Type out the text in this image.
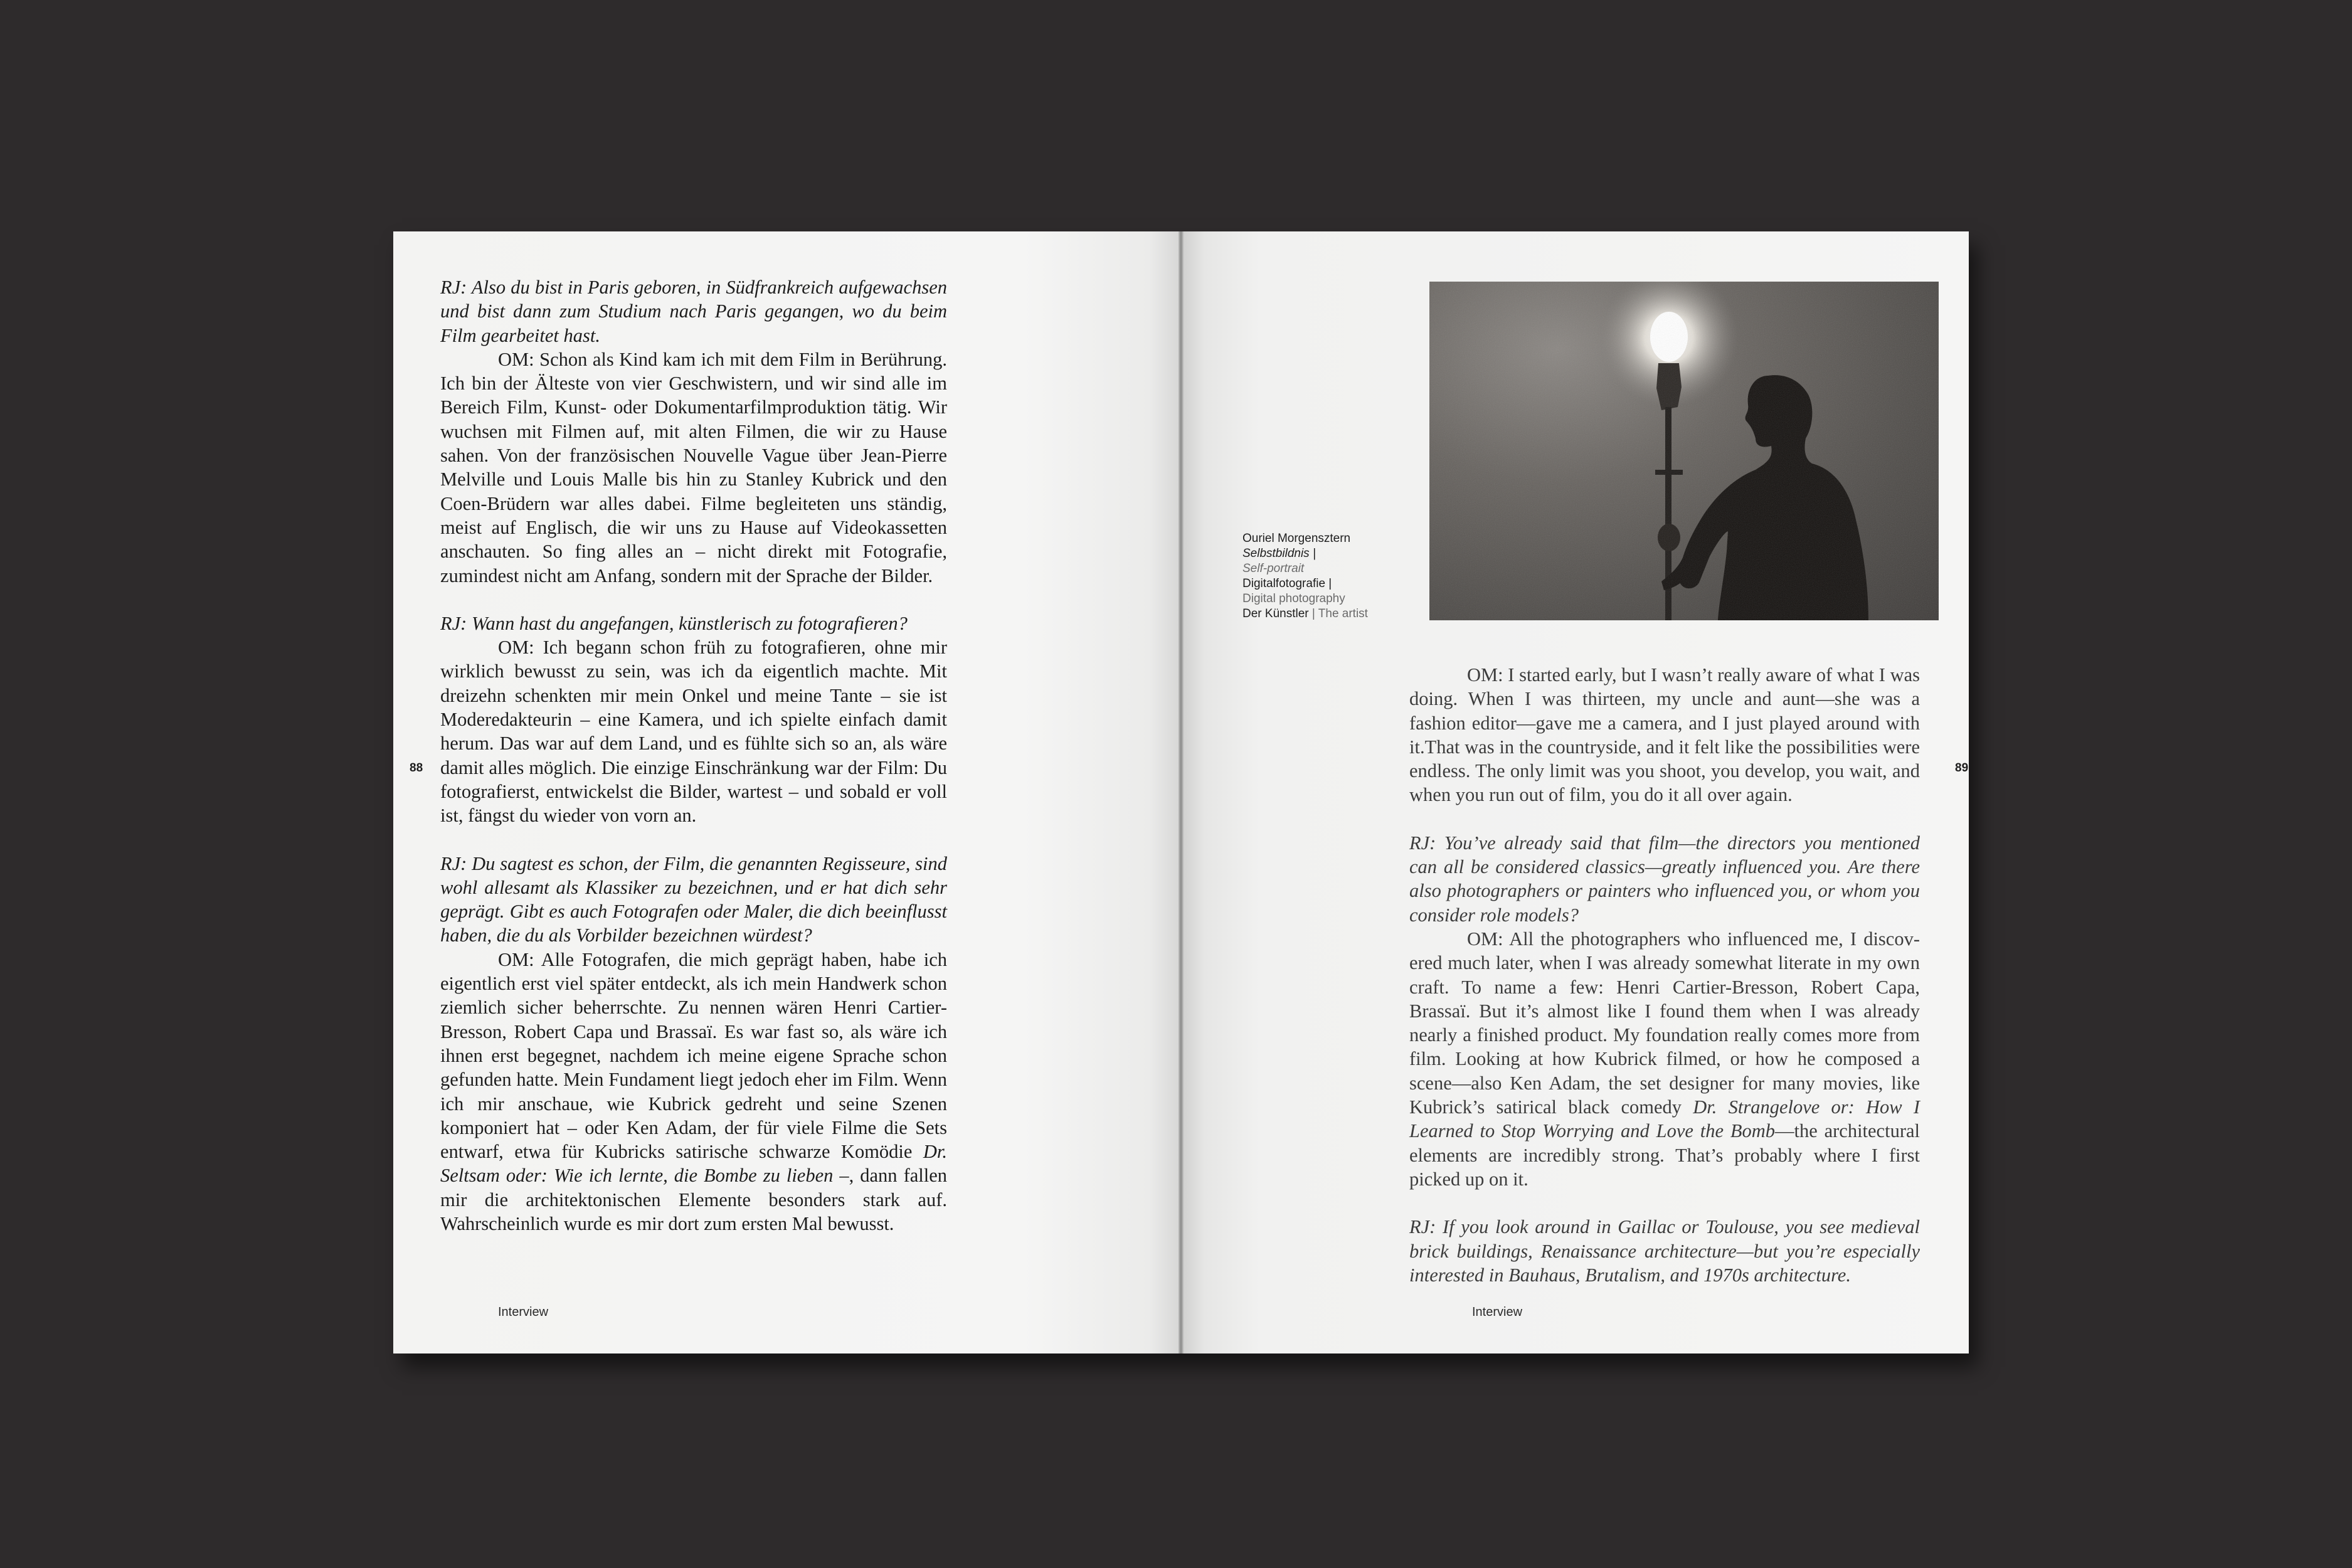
RJ: Also du bist in Paris geboren, in Südfrankreich aufgewachsen und bist dann zum Studium nach Paris gegangen, wo du beim Film gearbeitet hast.

OM: Schon als Kind kam ich mit dem Film in Berührung. Ich bin der Älteste von vier Geschwistern, und wir sind alle im Bereich Film, Kunst- oder Dokumentarfilmproduktion tätig. Wir wuchsen mit Filmen auf, mit alten Filmen, die wir zu Hause sahen. Von der französischen Nouvelle Vague über Jean-Pierre Melville und Louis Malle bis hin zu Stanley Kubrick und den Coen-Brüdern war alles dabei. Filme begleiteten uns ständig, meist auf Englisch, die wir uns zu Hause auf Videokassetten anschauten. So fing alles an – nicht direkt mit Fotografie, zumindest nicht am Anfang, sondern mit der Sprache der Bilder.

RJ: Wann hast du angefangen, künstlerisch zu fotografieren?

OM: Ich begann schon früh zu fotografieren, ohne mir wirklich bewusst zu sein, was ich da eigentlich machte. Mit dreizehn schenkten mir mein Onkel und meine Tante – sie ist Moderedakteurin – eine Kamera, und ich spielte einfach damit herum. Das war auf dem Land, und es fühlte sich so an, als wäre damit alles möglich. Die einzige Einschränkung war der Film: Du fotografierst, entwickelst die Bilder, wartest – und sobald er voll ist, fängst du wieder von vorn an.

RJ: Du sagtest es schon, der Film, die genannten Regisseure, sind wohl allesamt als Klassiker zu bezeichnen, und er hat dich sehr geprägt. Gibt es auch Fotografen oder Maler, die dich beeinflusst haben, die du als Vorbilder bezeichnen würdest?

OM: Alle Fotografen, die mich geprägt haben, habe ich eigentlich erst viel später entdeckt, als ich mein Handwerk schon ziemlich sicher beherrschte. Zu nennen wären Henri Cartier-Bresson, Robert Capa und Brassaï. Es war fast so, als wäre ich ihnen erst begegnet, nachdem ich meine eigene Sprache schon gefunden hatte. Mein Fundament liegt jedoch eher im Film. Wenn ich mir anschaue, wie Kubrick gedreht und seine Szenen komponiert hat – oder Ken Adam, der für viele Filme die Sets entwarf, etwa für Kubricks satirische schwarze Komödie Dr. Seltsam oder: Wie ich lernte, die Bombe zu lieben –, dann fallen mir die architektonischen Elemente besonders stark auf. Wahrscheinlich wurde es mir dort zum ersten Mal bewusst.

88
Interview
Ouriel Morgensztern
Selbstbildnis |
Self-portrait
Digitalfotografie |
Digital photography
Der Künstler | The artist

OM: I started early, but I wasn’t really aware of what I was doing. When I was thirteen, my uncle and aunt—she was a fashion editor—gave me a camera, and I just played around with it.That was in the countryside, and it felt like the possibilities were endless. The only limit was you shoot, you develop, you wait, and when you run out of film, you do it all over again.

RJ: You’ve already said that film—the directors you mentioned can all be considered classics—greatly influenced you. Are there also photographers or painters who influenced you, or whom you consider role models?

OM: All the photographers who influenced me, I discovered much later, when I was already somewhat literate in my own craft. To name a few: Henri Cartier-Bresson, Robert Capa, Brassaï. But it’s almost like I found them when I was already nearly a finished product. My foundation really comes more from film. Looking at how Kubrick filmed, or how he composed a scene—also Ken Adam, the set designer for many movies, like Kubrick’s satirical black comedy Dr. Strangelove or: How I Learned to Stop Worrying and Love the Bomb—the architectural elements are incredibly strong. That’s probably where I first picked up on it.

RJ: If you look around in Gaillac or Toulouse, you see medieval brick buildings, Renaissance architecture—but you’re especially interested in Bauhaus, Brutalism, and 1970s architecture.

89
Interview
